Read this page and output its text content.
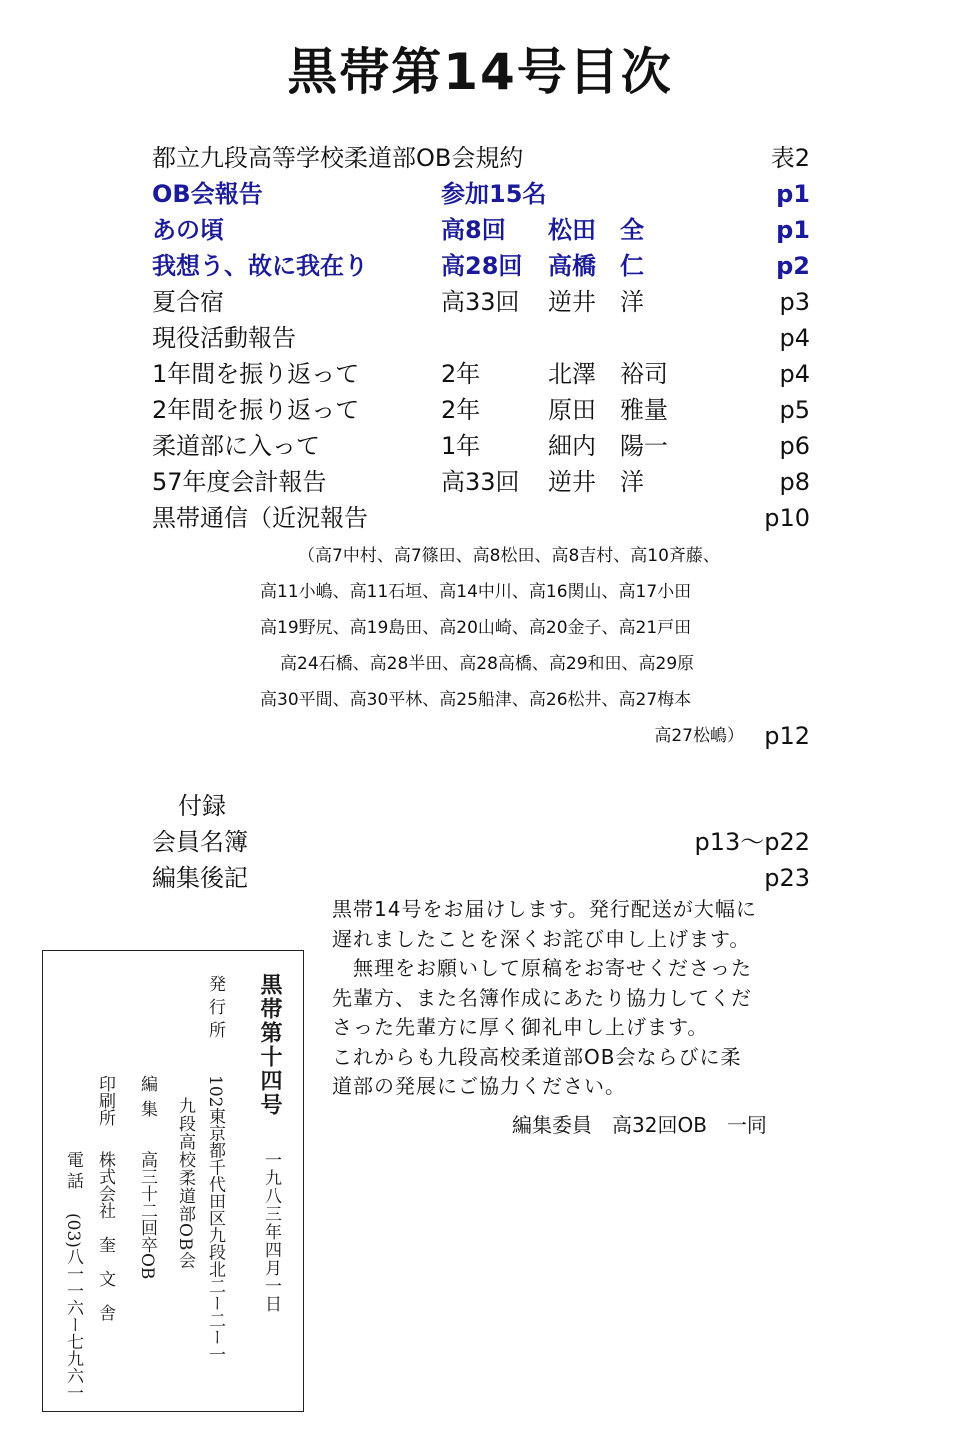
黒帯第14号目次
都立九段高等学校柔道部OB会規約	表2
OB会報告	参加15名	p1
あの頃	高8回 松田　全	p1
我想う、故に我在り	高28回 高橋　仁	p2
夏合宿	高33回 逆井　洋	p3
現役活動報告	p4
1年間を振り返って	2年	北澤　裕司	p4
2年間を振り返って	2年	原田　雅量	p5
柔道部に入って	1年	細内　陽一	p6
57年度会計報告	高33回 逆井　洋	p8
黒帯通信（近況報告	p10
（高7中村、高7篠田、高8松田、高8吉村、高10斉藤、
高11小嶋、高11石垣、高14中川、高16関山、高17小田
高19野尻、高19島田、高20山崎、高20金子、高21戸田
高24石橋、高28半田、高28高橋、高29和田、高29原
高30平間、高30平林、高25船津、高26松井、高27梅本
高27松嶋） p12
付録
会員名簿	p13〜p22
編集後記	p23
黒帯14号をお届けします。発行配送が大幅に
遅れましたことを深くお詫び申し上げます。
　無理をお願いして原稿をお寄せくださった
先輩方、また名簿作成にあたり協力してくだ
さった先輩方に厚く御礼申し上げます。
これからも九段高校柔道部OB会ならびに柔
道部の発展にご協力ください。
編集委員　高32回OB　一同
黒帯第十四号
一九八三年四月一日
発行所
102東京都千代田区九段北二ー二ー一
九段高校柔道部OB会
編集
高三十二回卒OB
印刷所
株式会社　奎　文　舎
電話
(03)八一一六ー七九六一
